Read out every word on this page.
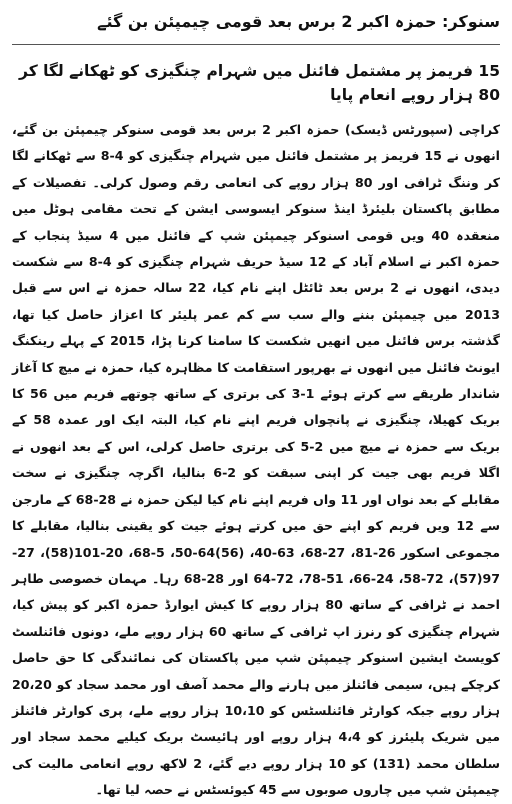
سنوکر: حمزہ اکبر 2 برس بعد قومی چیمپئن بن گئے
15 فریمز پر مشتمل فائنل میں شہرام چنگیزی کو ٹھکانے لگا کر 80 ہزار روپے انعام پایا

کراچی (سپورٹس ڈیسک) حمزہ اکبر 2 برس بعد قومی سنوکر چیمپئن بن گئے، انھوں نے 15 فریمز پر مشتمل فائنل میں شہرام چنگیزی کو 4-8 سے ٹھکانے لگا کر وننگ ٹرافی اور 80 ہزار روپے کی انعامی رقم وصول کرلی۔ تفصیلات کے مطابق پاکستان بلیئرڈ اینڈ سنوکر ایسوسی ایشن کے تحت مقامی ہوٹل میں منعقدہ 40 ویں قومی اسنوکر چیمپئن شپ کے فائنل میں 4 سیڈ پنجاب کے حمزہ اکبر نے اسلام آباد کے 12 سیڈ حریف شہرام چنگیزی کو 4-8 سے شکست دیدی، انھوں نے 2 برس بعد ٹائٹل اپنے نام کیا، 22 سالہ حمزہ نے اس سے قبل 2013 میں چیمپئن بننے والے سب سے کم عمر پلیئر کا اعزاز حاصل کیا تھا، گذشتہ برس فائنل میں انھیں شکست کا سامنا کرنا پڑا، 2015 کے پہلے رینکنگ ایونٹ فائنل میں انھوں نے بھرپور استقامت کا مظاہرہ کیا، حمزہ نے میچ کا آغاز شاندار طریقے سے کرتے ہوئے 1-3 کی برتری کے ساتھ چوتھے فریم میں 56 کا بریک کھیلا، چنگیزی نے پانچواں فریم اپنے نام کیا، البتہ ایک اور عمدہ 58 کے بریک سے حمزہ نے میچ میں 2-5 کی برتری حاصل کرلی، اس کے بعد انھوں نے اگلا فریم بھی جیت کر اپنی سبقت کو 2-6 بنالیا، اگرچہ چنگیزی نے سخت مقابلے کے بعد نواں اور 11 واں فریم اپنے نام کیا لیکن حمزہ نے 28-68 کے مارجن سے 12 ویں فریم کو اپنے حق میں کرتے ہوئے جیت کو یقینی بنالیا، مقابلے کا مجموعی اسکور 26-81، 27-68، 63-40، (56)64-50، 5-68، 20-101(58)، 27-97(57)، 72-58، 24-66، 51-78، 72-64 اور 28-68 رہا۔ مہمان خصوصی طاہر احمد نے ٹرافی کے ساتھ 80 ہزار روپے کا کیش ایوارڈ حمزہ اکبر کو پیش کیا، شہرام چنگیزی کو رنرز اپ ٹرافی کے ساتھ 60 ہزار روپے ملے، دونوں فائنلسٹ کویسٹ ایشین اسنوکر چیمپئن شپ میں پاکستان کی نمائندگی کا حق حاصل کرچکے ہیں، سیمی فائنلز میں ہارنے والے محمد آصف اور محمد سجاد کو 20،20 ہزار روپے جبکہ کوارٹر فائنلسٹس کو 10،10 ہزار روپے ملے، پری کوارٹر فائنلز میں شریک پلیئرز کو 4،4 ہزار روپے اور ہائیسٹ بریک کیلیے محمد سجاد اور سلطان محمد (131) کو 10 ہزار روپے دیے گئے، 2 لاکھ روپے انعامی مالیت کی چیمپئن شپ میں چاروں صوبوں سے 45 کیوئسٹس نے حصہ لیا تھا۔
